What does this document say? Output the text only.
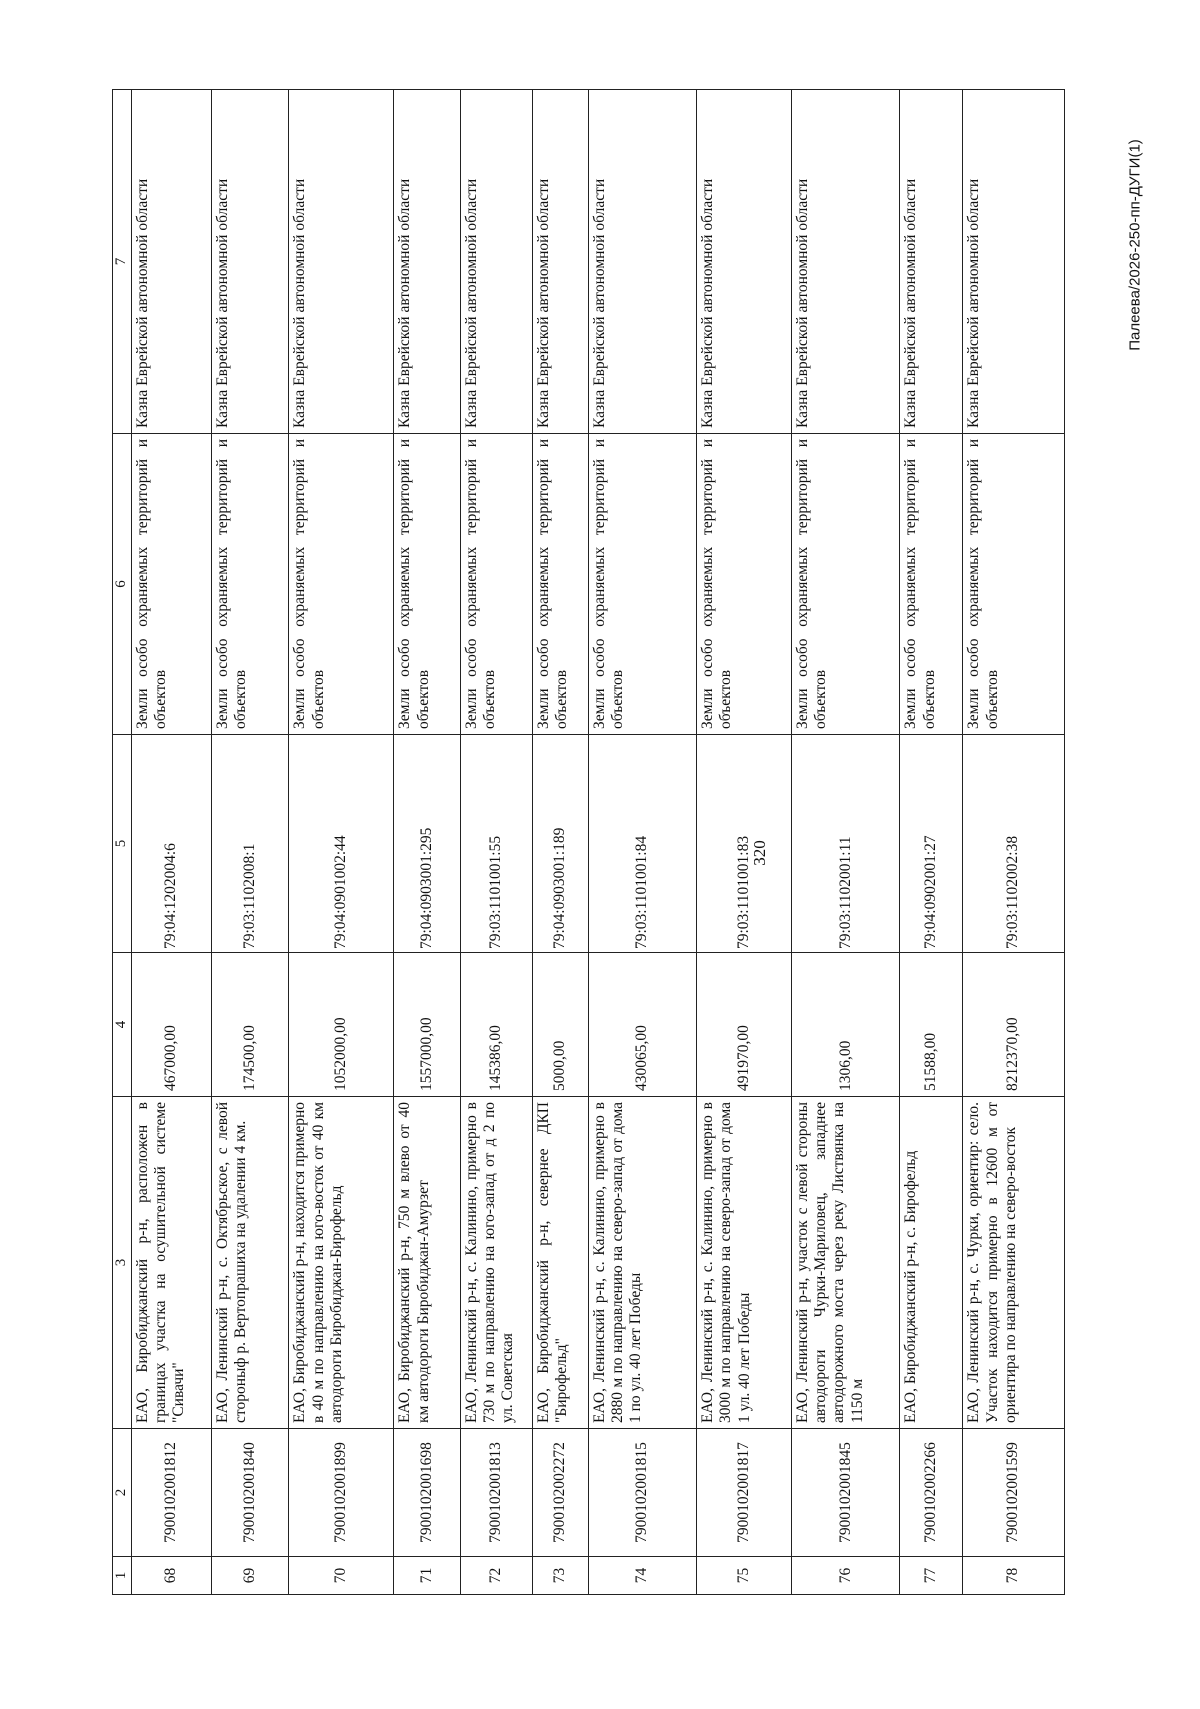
320
1	2	3	4	5	6	7
68	7900102001812	ЕАО, Биробиджанский р-н, расположен в границах участка на осушительной системе "Сивачи"	467000,00	79:04:1202004:6	Земли особо охраняемых территорий и объектов	Казна Еврейской автономной области
69	7900102001840	ЕАО, Ленинский р-н, с. Октябрьское, с левой стороныф р. Вертопрашиха на удалении 4 км.	174500,00	79:03:1102008:1	Земли особо охраняемых территорий и объектов	Казна Еврейской автономной области
70	7900102001899	ЕАО, Биробиджанский р-н, находится примерно в 40 м по направлению на юго-восток от 40 км автодороги Биробиджан-Бирофельд	1052000,00	79:04:0901002:44	Земли особо охраняемых территорий и объектов	Казна Еврейской автономной области
71	7900102001698	ЕАО, Биробиджанский р-н, 750 м влево от 40 км автодороги Биробиджан-Амурзет	1557000,00	79:04:0903001:295	Земли особо охраняемых территорий и объектов	Казна Еврейской автономной области
72	7900102001813	ЕАО, Ленинский р-н, с. Калинино, примерно в 730 м по направлению на юго-запад от д 2 по ул. Советская	145386,00	79:03:1101001:55	Земли особо охраняемых территорий и объектов	Казна Еврейской автономной области
73	7900102002272	ЕАО, Биробиджанский р-н, севернее ДКП "Бирофельд"	5000,00	79:04:0903001:189	Земли особо охраняемых территорий и объектов	Казна Еврейской автономной области
74	7900102001815	ЕАО, Ленинский р-н, с. Калинино, примерно в 2880 м по направлению на северо-запад от дома 1 по ул. 40 лет Победы	430065,00	79:03:1101001:84	Земли особо охраняемых территорий и объектов	Казна Еврейской автономной области
75	7900102001817	ЕАО, Ленинский р-н, с. Калинино, примерно в 3000 м по направлению на северо-запад от дома 1 ул. 40 лет Победы	491970,00	79:03:1101001:83	Земли особо охраняемых территорий и объектов	Казна Еврейской автономной области
76	7900102001845	ЕАО, Ленинский р-н, участок с левой стороны автодороги Чурки-Мариловец, западнее автодорожного моста через реку Листвянка на 1150 м	1306,00	79:03:1102001:11	Земли особо охраняемых территорий и объектов	Казна Еврейской автономной области
77	7900102002266	ЕАО, Биробиджанский р-н, с. Бирофельд	51588,00	79:04:0902001:27	Земли особо охраняемых территорий и объектов	Казна Еврейской автономной области
78	7900102001599	ЕАО, Ленинский р-н, с. Чурки, ориентир: село. Участок находится примерно в 12600 м от ориентира по направлению на северо-восток	8212370,00	79:03:1102002:38	Земли особо охраняемых территорий и объектов	Казна Еврейской автономной области	Палеева/2026-250-пп-ДУГИ(1)
